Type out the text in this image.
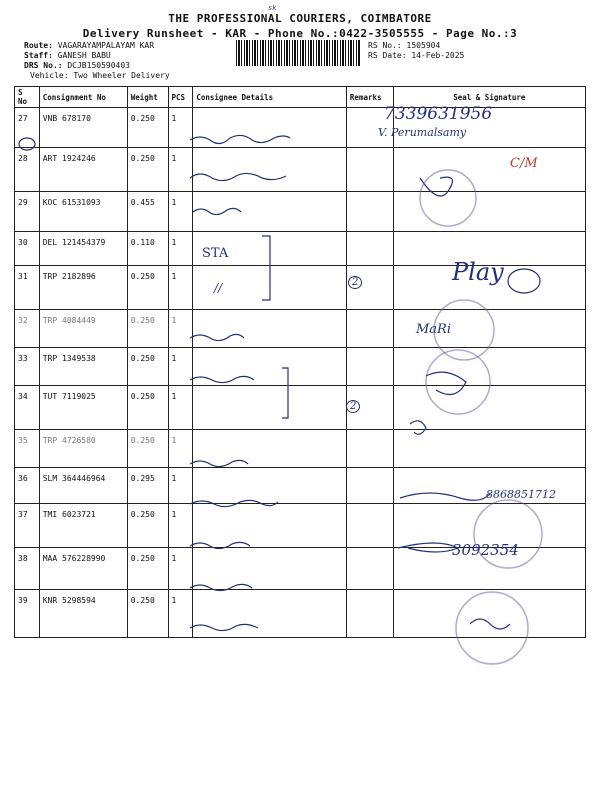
sk
THE PROFESSIONAL COURIERS, COIMBATORE
Delivery Runsheet - KAR - Phone No.:0422-3505555 - Page No.:3
Route: VAGARAYAMPALAYAM KAR
Staff: GANESH BABU
DRS No.: DCJB150590403
Vehicle: Two Wheeler Delivery
RS No.: 1505904
RS Date: 14-Feb-2025
S No	Consignment No	Weight	PCS	Consignee Details	Remarks	Seal & Signature
27	VNB 678170	0.250	1			
28	ART 1924246	0.250	1			
29	KOC 61531093	0.455	1			
30	DEL 121454379	0.110	1			
31	TRP 2182896	0.250	1			
32	TRP 4084449	0.250	1			
33	TRP 1349538	0.250	1			
34	TUT 7119025	0.250	1			
35	TRP 4726580	0.250	1			
36	SLM 364446964	0.295	1			
37	TMI 6023721	0.250	1			
38	MAA 576228990	0.250	1			
39	KNR 5298594	0.250	1			
7339631956
V. Perumalsamy
C/M
STA
//
Play
2
2
MaRi
8868851712
3092354
